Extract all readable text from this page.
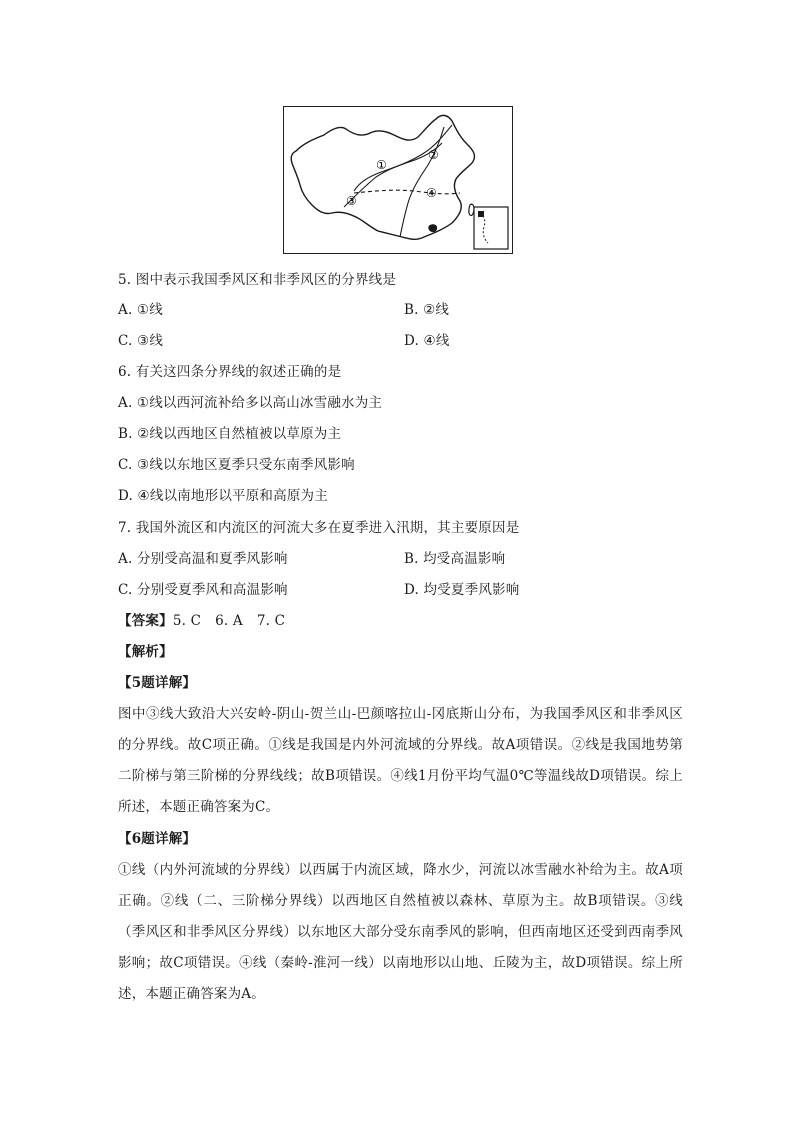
①
②
③
④
5. 图中表示我国季风区和非季风区的分界线是
A. ①线	B. ②线
C. ③线	D. ④线
6. 有关这四条分界线的叙述正确的是
A. ①线以西河流补给多以高山冰雪融水为主
B. ②线以西地区自然植被以草原为主
C. ③线以东地区夏季只受东南季风影响
D. ④线以南地形以平原和高原为主
7. 我国外流区和内流区的河流大多在夏季进入汛期，其主要原因是
A. 分别受高温和夏季风影响	B. 均受高温影响
C. 分别受夏季风和高温影响	D. 均受夏季风影响
【答案】5. C 6. A 7. C
【解析】
【5题详解】
图中③线大致沿大兴安岭-阴山-贺兰山-巴颜喀拉山-冈底斯山分布，为我国季风区和非季风区的分界线。故C项正确。①线是我国是内外河流域的分界线。故A项错误。②线是我国地势第二阶梯与第三阶梯的分界线线；故B项错误。④线1月份平均气温0℃等温线故D项错误。综上所述，本题正确答案为C。
【6题详解】
①线（内外河流域的分界线）以西属于内流区域，降水少，河流以冰雪融水补给为主。故A项正确。②线（二、三阶梯分界线）以西地区自然植被以森林、草原为主。故B项错误。③线（季风区和非季风区分界线）以东地区大部分受东南季风的影响，但西南地区还受到西南季风影响；故C项错误。④线（秦岭-淮河一线）以南地形以山地、丘陵为主，故D项错误。综上所述，本题正确答案为A。
